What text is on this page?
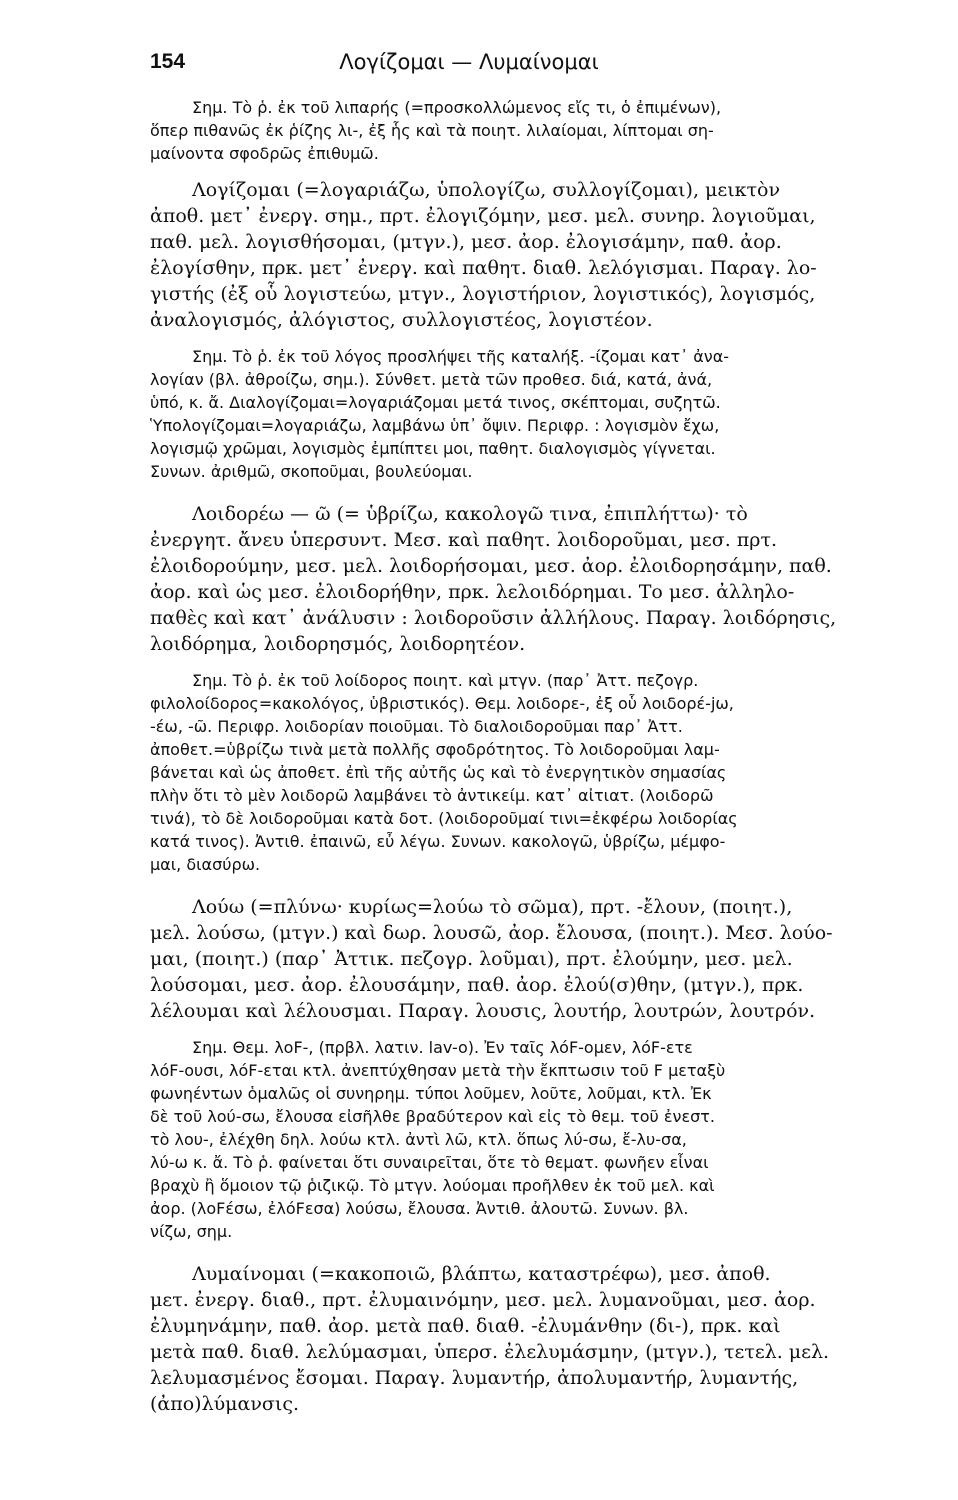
154	Λογίζομαι — Λυμαίνομαι
Σημ. Τὸ ῥ. ἐκ τοῦ λιπαρής (=προσκολλώμενος εἴς τι, ὁ ἐπιμένων),
ὅπερ πιθανῶς ἐκ ῥίζης λι-, ἐξ ἧς καὶ τὰ ποιητ. λιλαίομαι, λίπτομαι ση-
μαίνοντα σφοδρῶς ἐπιθυμῶ.
Λογίζομαι (=λογαριάζω, ὑπολογίζω, συλλογίζομαι), μεικτὸν
ἀποθ. μετ᾽ ἐνεργ. σημ., πρτ. ἐλογιζόμην, μεσ. μελ. συνηρ. λογιοῦμαι,
παθ. μελ. λογισθήσομαι, (μτγν.), μεσ. ἀορ. ἐλογισάμην, παθ. ἀορ.
ἐλογίσθην, πρκ. μετ᾽ ἐνεργ. καὶ παθητ. διαθ. λελόγισμαι. Παραγ. λο-
γιστής (ἐξ οὗ λογιστεύω, μτγν., λογιστήριον, λογιστικός), λογισμός,
ἀναλογισμός, ἀλόγιστος, συλλογιστέος, λογιστέον.
Σημ. Τὸ ῥ. ἐκ τοῦ λόγος προσλήψει τῆς καταλήξ. -ίζομαι κατ᾽ ἀνα-
λογίαν (βλ. ἀθροίζω, σημ.). Σύνθετ. μετὰ τῶν προθεσ. διά, κατά, ἀνά,
ὑπό, κ. ἄ. Διαλογίζομαι=λογαριάζομαι μετά τινος, σκέπτομαι, συζητῶ.
Ὑπολογίζομαι=λογαριάζω, λαμβάνω ὑπ᾽ ὄψιν. Περιφρ. : λογισμὸν ἔχω,
λογισμῷ χρῶμαι, λογισμὸς ἐμπίπτει μοι, παθητ. διαλογισμὸς γίγνεται.
Συνων. ἀριθμῶ, σκοποῦμαι, βουλεύομαι.
Λοιδορέω — ῶ (= ὑβρίζω, κακολογῶ τινα, ἐπιπλήττω)· τὸ
ἐνεργητ. ἄνευ ὑπερσυντ. Μεσ. καὶ παθητ. λοιδοροῦμαι, μεσ. πρτ.
ἐλοιδορούμην, μεσ. μελ. λοιδορήσομαι, μεσ. ἀορ. ἐλοιδορησάμην, παθ.
ἀορ. καὶ ὡς μεσ. ἐλοιδορήθην, πρκ. λελοιδόρημαι. Το μεσ. ἀλληλο-
παθὲς καὶ κατ᾽ ἀνάλυσιν : λοιδοροῦσιν ἀλλήλους. Παραγ. λοιδόρησις,
λοιδόρημα, λοιδορησμός, λοιδορητέον.
Σημ. Τὸ ῥ. ἐκ τοῦ λοίδορος ποιητ. καὶ μτγν. (παρ᾽ Ἀττ. πεζογρ.
φιλολοίδορος=κακολόγος, ὑβριστικός). Θεμ. λοιδορε-, ἐξ οὗ λοιδορέ-jω,
-έω, -ῶ. Περιφρ. λοιδορίαν ποιοῦμαι. Τὸ διαλοιδοροῦμαι παρ᾽ Ἀττ.
ἀποθετ.=ὑβρίζω τινὰ μετὰ πολλῆς σφοδρότητος. Τὸ λοιδοροῦμαι λαμ-
βάνεται καὶ ὡς ἀποθετ. ἐπὶ τῆς αὐτῆς ὡς καὶ τὸ ἐνεργητικὸν σημασίας
πλὴν ὅτι τὸ μὲν λοιδορῶ λαμβάνει τὸ ἀντικείμ. κατ᾽ αἰτιατ. (λοιδορῶ
τινά), τὸ δὲ λοιδοροῦμαι κατὰ δοτ. (λοιδοροῦμαί τινι=ἐκφέρω λοιδορίας
κατά τινος). Ἀντιθ. ἐπαινῶ, εὖ λέγω. Συνων. κακολογῶ, ὑβρίζω, μέμφο-
μαι, διασύρω.
Λούω (=πλύνω· κυρίως=λούω τὸ σῶμα), πρτ. -ἔλουν, (ποιητ.),
μελ. λούσω, (μτγν.) καὶ δωρ. λουσῶ, ἀορ. ἔλουσα, (ποιητ.). Μεσ. λούο-
μαι, (ποιητ.) (παρ᾽ Ἀττικ. πεζογρ. λοῦμαι), πρτ. ἐλούμην, μεσ. μελ.
λούσομαι, μεσ. ἀορ. ἐλουσάμην, παθ. ἀορ. ἐλού(σ)θην, (μτγν.), πρκ.
λέλουμαι καὶ λέλουσμαι. Παραγ. λουσις, λουτήρ, λουτρών, λουτρόν.
Σημ. Θεμ. λοϜ-, (πρβλ. λατιν. lav-o). Ἐν ταῖς λόϜ-ομεν, λόϜ-ετε
λόϜ-ουσι, λόϜ-εται κτλ. ἀνεπτύχθησαν μετὰ τὴν ἔκπτωσιν τοῦ Ϝ μεταξὺ
φωνηέντων ὁμαλῶς οἱ συνηρημ. τύποι λοῦμεν, λοῦτε, λοῦμαι, κτλ. Ἐκ
δὲ τοῦ λού-σω, ἔλουσα εἰσῆλθε βραδύτερον καὶ εἰς τὸ θεμ. τοῦ ἐνεστ.
τὸ λου-, ἐλέχθη δηλ. λούω κτλ. ἀντὶ λῶ, κτλ. ὅπως λύ-σω, ἔ-λυ-σα,
λύ-ω κ. ἄ. Τὸ ῥ. φαίνεται ὅτι συναιρεῖται, ὅτε τὸ θεματ. φωνῆεν εἶναι
βραχὺ ἢ ὅμοιον τῷ ῥιζικῷ. Τὸ μτγν. λούομαι προῆλθεν ἐκ τοῦ μελ. καὶ
ἀορ. (λοϜέσω, ἐλόϜεσα) λούσω, ἔλουσα. Ἀντιθ. ἀλουτῶ. Συνων. βλ.
νίζω, σημ.
Λυμαίνομαι (=κακοποιῶ, βλάπτω, καταστρέφω), μεσ. ἀποθ.
μετ. ἐνεργ. διαθ., πρτ. ἐλυμαινόμην, μεσ. μελ. λυμανοῦμαι, μεσ. ἀορ.
ἐλυμηνάμην, παθ. ἀορ. μετὰ παθ. διαθ. -ἐλυμάνθην (δι-), πρκ. καὶ
μετὰ παθ. διαθ. λελύμασμαι, ὑπερσ. ἐλελυμάσμην, (μτγν.), τετελ. μελ.
λελυμασμένος ἔσομαι. Παραγ. λυμαντήρ, ἀπολυμαντήρ, λυμαντής,
(ἀπο)λύμανσις.
